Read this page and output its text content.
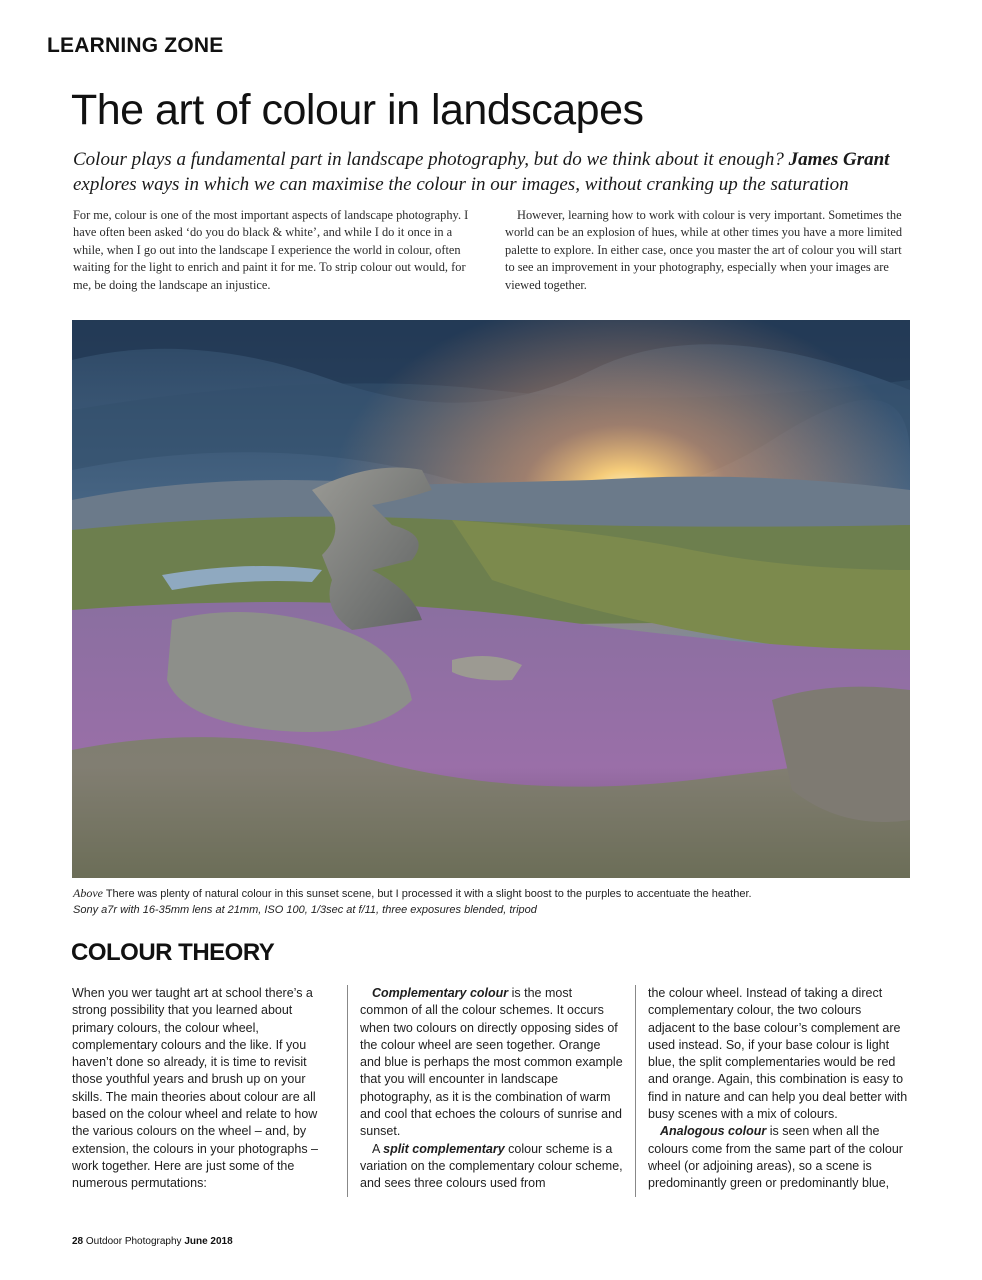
LEARNING ZONE
The art of colour in landscapes
Colour plays a fundamental part in landscape photography, but do we think about it enough? James Grant explores ways in which we can maximise the colour in our images, without cranking up the saturation

For me, colour is one of the most important aspects of landscape photography. I have often been asked ‘do you do black & white’, and while I do it once in a while, when I go out into the landscape I experience the world in colour, often waiting for the light to enrich and paint it for me. To strip colour out would, for me, be doing the landscape an injustice.

However, learning how to work with colour is very important. Sometimes the world can be an explosion of hues, while at other times you have a more limited palette to explore. In either case, once you master the art of colour you will start to see an improvement in your photography, especially when your images are viewed together.

Above There was plenty of natural colour in this sunset scene, but I processed it with a slight boost to the purples to accentuate the heather.
Sony a7r with 16-35mm lens at 21mm, ISO 100, 1/3sec at f/11, three exposures blended, tripod
COLOUR THEORY

When you wer taught art at school there’s a strong possibility that you learned about primary colours, the colour wheel, complementary colours and the like. If you haven’t done so already, it is time to revisit those youthful years and brush up on your skills. The main theories about colour are all based on the colour wheel and relate to how the various colours on the wheel – and, by extension, the colours in your photographs – work together. Here are just some of the numerous permutations:

Complementary colour is the most common of all the colour schemes. It occurs when two colours on directly opposing sides of the colour wheel are seen together. Orange and blue is perhaps the most common example that you will encounter in landscape photography, as it is the combination of warm and cool that echoes the colours of sunrise and sunset.

A split complementary colour scheme is a variation on the complementary colour scheme, and sees three colours used from

the colour wheel. Instead of taking a direct complementary colour, the two colours adjacent to the base colour’s complement are used instead. So, if your base colour is light blue, the split complementaries would be red and orange. Again, this combination is easy to find in nature and can help you deal better with busy scenes with a mix of colours.

Analogous colour is seen when all the colours come from the same part of the colour wheel (or adjoining areas), so a scene is predominantly green or predominantly blue,

28 Outdoor Photography June 2018
